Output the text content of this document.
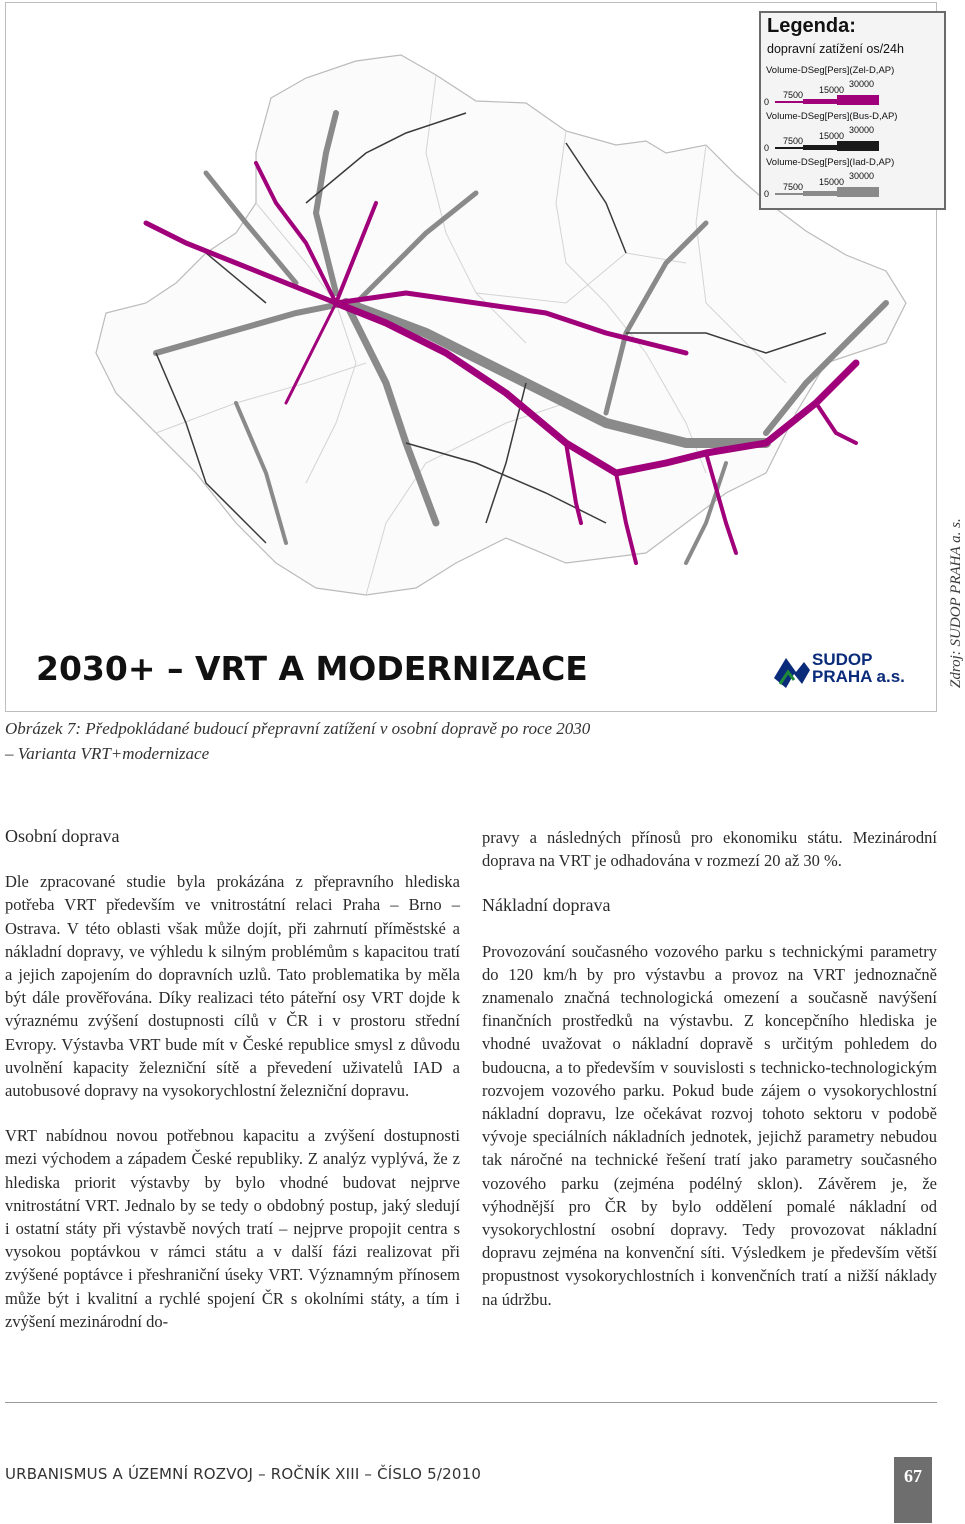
Legenda:
dopravní zatížení os/24h
Volume-DSeg[Pers](Zel-D,AP)
0
7500 15000
30000
Volume-DSeg[Pers](Bus-D,AP)
0
7500 15000
30000
Volume-DSeg[Pers](Iad-D,AP)
0
7500 15000
30000
2030+ – VRT A MODERNIZACE	SUDOP
PRAHA a.s.	Zdroj: SUDOP PRAHA a. s.
Obrázek 7: Předpokládané budoucí přepravní zatížení v osobní dopravě po roce 2030
– Varianta VRT+modernizace

Osobní doprava

Dle zpracované studie byla prokázána z přepravního hlediska potřeba VRT především ve vnitrostátní relaci Praha – Brno – Ostrava. V této oblasti však může dojít, při zahrnutí příměstské a nákladní dopravy, ve výhledu k silným problémům s kapacitou tratí a jejich zapojením do dopravních uzlů. Tato problematika by měla být dále prověřována. Díky realizaci této páteřní osy VRT dojde k výraznému zvýšení dostupnosti cílů v ČR i v prostoru střední Evropy. Výstavba VRT bude mít v České republice smysl z důvodu uvolnění kapacity železniční sítě a převedení uživatelů IAD a autobusové dopravy na vysokorychlostní železniční dopravu.

VRT nabídnou novou potřebnou kapacitu a zvýšení dostupnosti mezi východem a západem České republiky. Z analýz vyplývá, že z hlediska priorit výstavby by bylo vhodné budovat nejprve vnitrostátní VRT. Jednalo by se tedy o obdobný postup, jaký sledují i ostatní státy při výstavbě nových tratí – nejprve propojit centra s vysokou poptávkou v rámci státu a v další fázi realizovat při zvýšené poptávce i přeshraniční úseky VRT. Významným přínosem může být i kvalitní a rychlé spojení ČR s okolními státy, a tím i zvýšení mezinárodní do-

pravy a následných přínosů pro ekonomiku státu. Mezinárodní doprava na VRT je odhadována v rozmezí 20 až 30 %.

Nákladní doprava

Provozování současného vozového parku s technickými parametry do 120 km/h by pro výstavbu a provoz na VRT jednoznačně znamenalo značná technologická omezení a současně navýšení finančních prostředků na výstavbu. Z koncepčního hlediska je vhodné uvažovat o nákladní dopravě s určitým pohledem do budoucna, a to především v souvislosti s technicko-technologickým rozvojem vozového parku. Pokud bude zájem o vysokorychlostní nákladní dopravu, lze očekávat rozvoj tohoto sektoru v podobě vývoje speciálních nákladních jednotek, jejichž parametry nebudou tak náročné na technické řešení tratí jako parametry současného vozového parku (zejména podélný sklon). Závěrem je, že výhodnější pro ČR by bylo oddělení pomalé nákladní od vysokorychlostní osobní dopravy. Tedy provozovat nákladní dopravu zejména na konvenční síti. Výsledkem je především větší propustnost vysokorychlostních i konvenčních tratí a nižší náklady na údržbu.

URBANISMUS A ÚZEMNÍ ROZVOJ – ROČNÍK XIII – ČÍSLO 5/2010	67
